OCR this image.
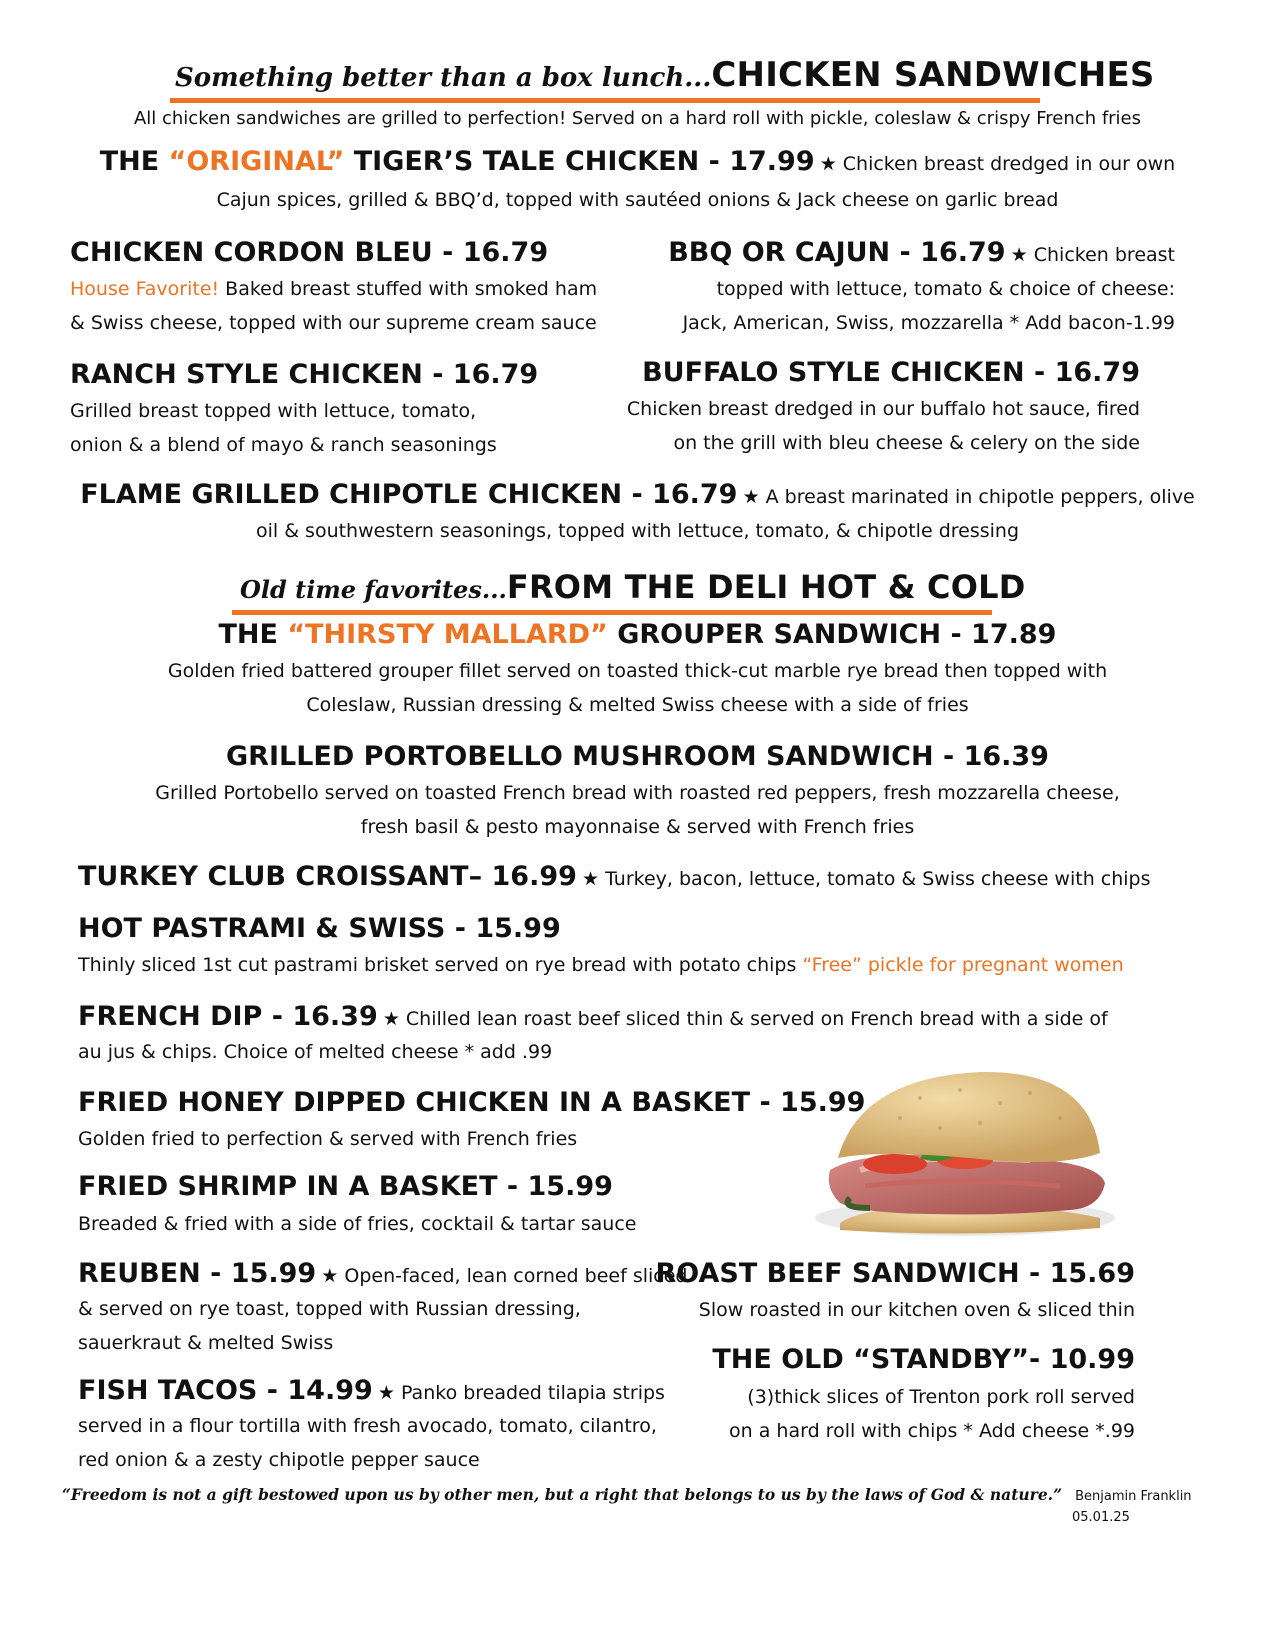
Something better than a box lunch...CHICKEN SANDWICHES
All chicken sandwiches are grilled to perfection! Served on a hard roll with pickle, coleslaw & crispy French fries
THE “ORIGINAL” TIGER’S TALE CHICKEN - 17.99 ★ Chicken breast dredged in our own
Cajun spices, grilled & BBQ’d, topped with sautéed onions & Jack cheese on garlic bread
CHICKEN CORDON BLEU - 16.79
House Favorite! Baked breast stuffed with smoked ham
& Swiss cheese, topped with our supreme cream sauce
BBQ OR CAJUN - 16.79 ★ Chicken breast
topped with lettuce, tomato & choice of cheese:
Jack, American, Swiss, mozzarella * Add bacon-1.99
RANCH STYLE CHICKEN - 16.79
Grilled breast topped with lettuce, tomato,
onion & a blend of mayo & ranch seasonings
BUFFALO STYLE CHICKEN - 16.79
Chicken breast dredged in our buffalo hot sauce, fired
on the grill with bleu cheese & celery on the side
FLAME GRILLED CHIPOTLE CHICKEN - 16.79 ★ A breast marinated in chipotle peppers, olive
oil & southwestern seasonings, topped with lettuce, tomato, & chipotle dressing
Old time favorites...FROM THE DELI HOT & COLD
THE “THIRSTY MALLARD” GROUPER SANDWICH - 17.89
Golden fried battered grouper fillet served on toasted thick-cut marble rye bread then topped with
Coleslaw, Russian dressing & melted Swiss cheese with a side of fries
GRILLED PORTOBELLO MUSHROOM SANDWICH - 16.39
Grilled Portobello served on toasted French bread with roasted red peppers, fresh mozzarella cheese,
fresh basil & pesto mayonnaise & served with French fries
TURKEY CLUB CROISSANT– 16.99 ★ Turkey, bacon, lettuce, tomato & Swiss cheese with chips
HOT PASTRAMI & SWISS - 15.99
Thinly sliced 1st cut pastrami brisket served on rye bread with potato chips “Free” pickle for pregnant women
FRENCH DIP - 16.39 ★ Chilled lean roast beef sliced thin & served on French bread with a side of
au jus & chips. Choice of melted cheese * add .99
FRIED HONEY DIPPED CHICKEN IN A BASKET - 15.99
Golden fried to perfection & served with French fries
FRIED SHRIMP IN A BASKET - 15.99
Breaded & fried with a side of fries, cocktail & tartar sauce
REUBEN - 15.99 ★ Open-faced, lean corned beef sliced
& served on rye toast, topped with Russian dressing,
sauerkraut & melted Swiss
FISH TACOS - 14.99 ★ Panko breaded tilapia strips
served in a flour tortilla with fresh avocado, tomato, cilantro,
red onion & a zesty chipotle pepper sauce
ROAST BEEF SANDWICH - 15.69
Slow roasted in our kitchen oven & sliced thin
THE OLD “STANDBY”- 10.99
(3)thick slices of Trenton pork roll served
on a hard roll with chips * Add cheese *.99
“Freedom is not a gift bestowed upon us by other men, but a right that belongs to us by the laws of God & nature.” Benjamin Franklin
05.01.25
